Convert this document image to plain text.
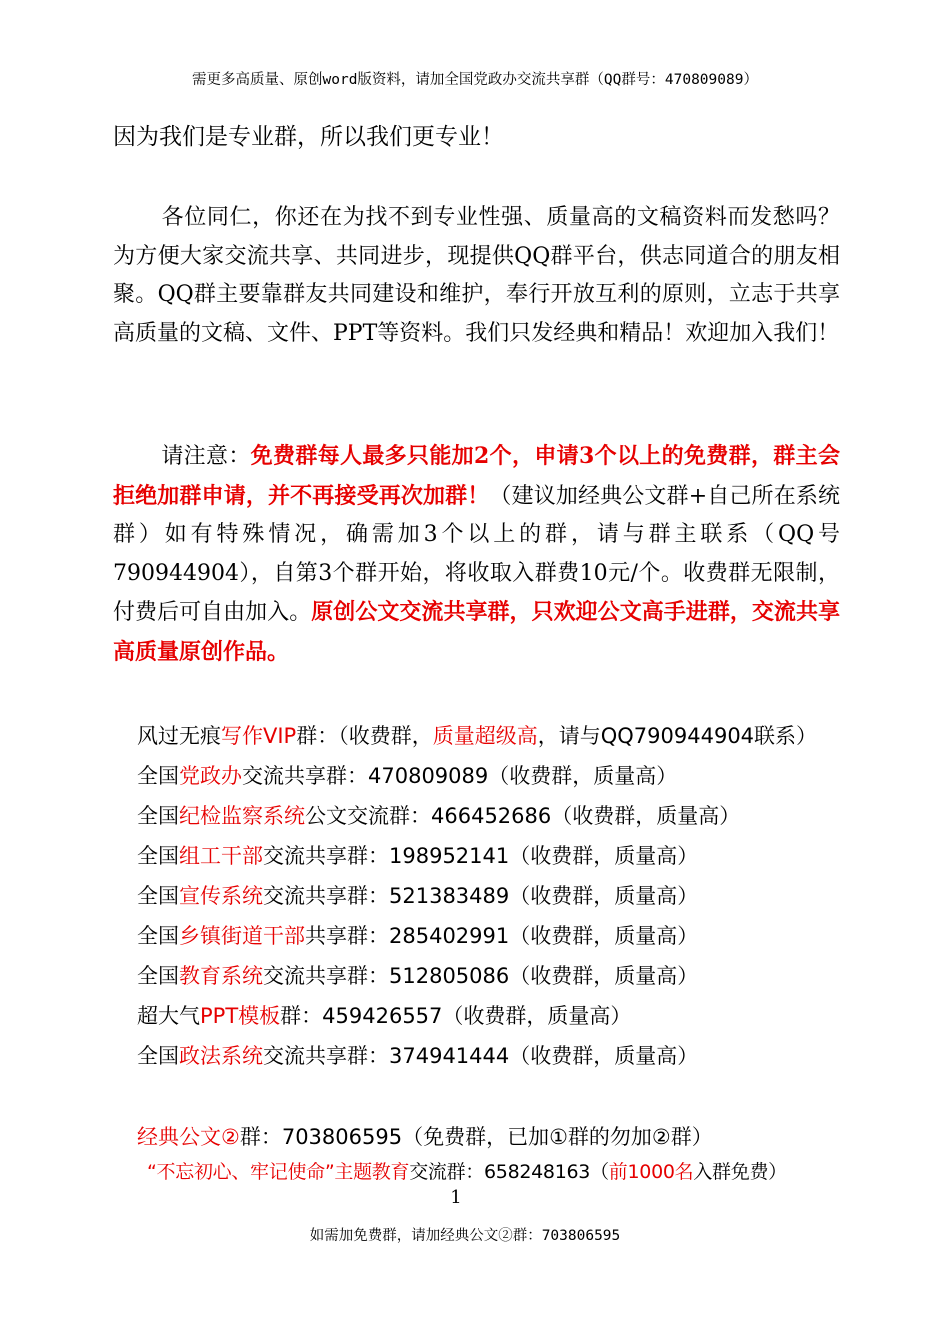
需更多高质量、原创word版资料，请加全国党政办交流共享群（QQ群号：470809089）
因为我们是专业群，所以我们更专业！

各位同仁，你还在为找不到专业性强、质量高的文稿资料而发愁吗？为方便大家交流共享、共同进步，现提供QQ群平台，供志同道合的朋友相聚。QQ群主要靠群友共同建设和维护，奉行开放互利的原则，立志于共享高质量的文稿、文件、PPT等资料。我们只发经典和精品！欢迎加入我们！

请注意：免费群每人最多只能加2个，申请3个以上的免费群，群主会拒绝加群申请，并不再接受再次加群！（建议加经典公文群+自己所在系统群）如有特殊情况，确需加3个以上的群，请与群主联系（QQ号790944904），自第3个群开始，将收取入群费10元/个。收费群无限制，付费后可自由加入。原创公文交流共享群，只欢迎公文高手进群，交流共享高质量原创作品。

风过无痕写作VIP群：（收费群，质量超级高，请与QQ790944904联系）
全国党政办交流共享群：470809089（收费群，质量高）
全国纪检监察系统公文交流群：466452686（收费群，质量高）
全国组工干部交流共享群：198952141（收费群，质量高）
全国宣传系统交流共享群：521383489（收费群，质量高）
全国乡镇街道干部共享群：285402991（收费群，质量高）
全国教育系统交流共享群：512805086（收费群，质量高）
超大气PPT模板群：459426557（收费群，质量高）
全国政法系统交流共享群：374941444（收费群，质量高）
经典公文②群：703806595（免费群，已加①群的勿加②群）
“不忘初心、牢记使命”主题教育交流群：658248163（前1000名入群免费）
1
如需加免费群，请加经典公文②群：703806595
